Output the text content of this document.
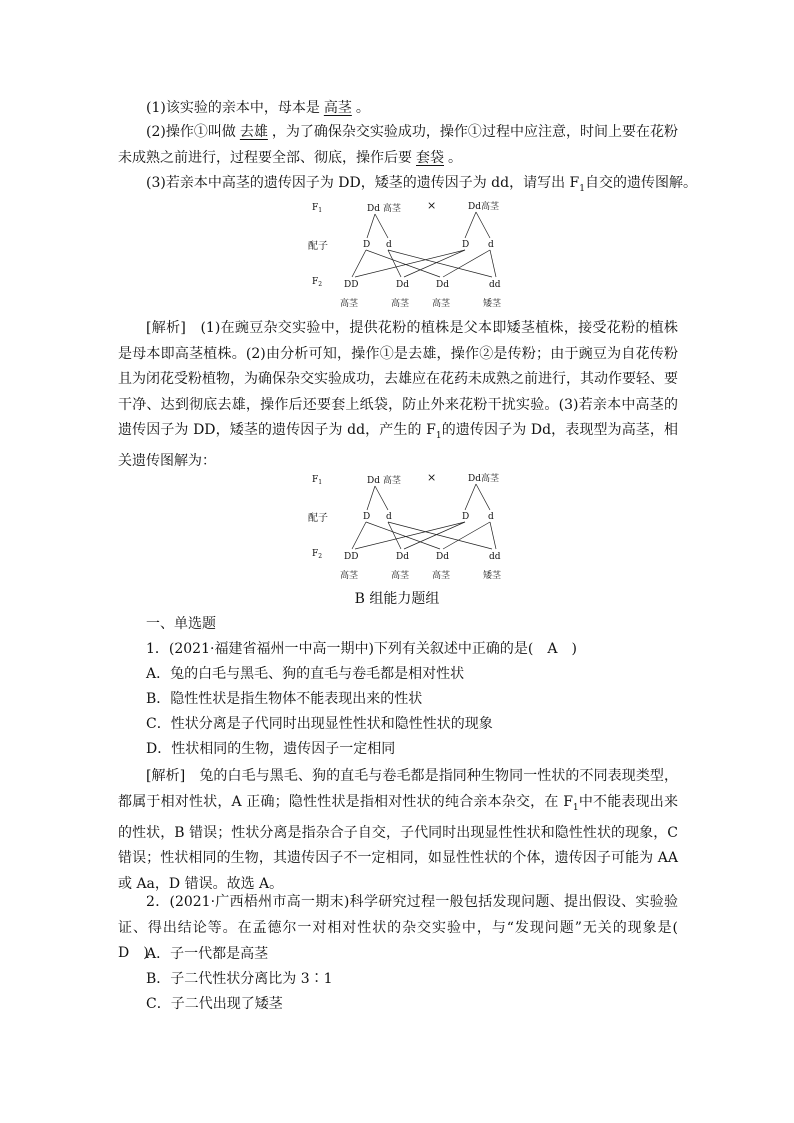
(1)该实验的亲本中，母本是 高茎 。

(2)操作①叫做 去雄 ，为了确保杂交实验成功，操作①过程中应注意，时间上要在花粉未成熟之前进行，过程要全部、彻底，操作后要 套袋 。

(3)若亲本中高茎的遗传因子为 DD，矮茎的遗传因子为 dd，请写出 $F_1$自交的遗传图解。

$F_1$	Dd 高茎 ×	Dd高茎
配子
$F_2$
D d	D d
DD	Dd	Dd	dd
高茎	高茎	高茎	矮茎

[解析]　 (1)在豌豆杂交实验中，提供花粉的植株是父本即矮茎植株，接受花粉的植株是母本即高茎植株。(2)由分析可知，操作①是去雄，操作②是传粉；由于豌豆为自花传粉且为闭花受粉植物，为确保杂交实验成功，去雄应在花药未成熟之前进行，其动作要轻、要干净、达到彻底去雄，操作后还要套上纸袋，防止外来花粉干扰实验。(3)若亲本中高茎的遗传因子为 DD，矮茎的遗传因子为 dd，产生的 $F_1$的遗传因子为 Dd，表现型为高茎，相关遗传图解为：

$F_1$	Dd 高茎 ×	Dd高茎
配子
$F_2$
D d	D d
DD	Dd	Dd	dd
高茎	高茎	高茎	矮茎

B 组能力题组

一、单选题

1．(2021·福建省福州一中高一期中)下列有关叙述中正确的是(　A　)

A．兔的白毛与黑毛、狗的直毛与卷毛都是相对性状

B．隐性性状是指生物体不能表现出来的性状

C．性状分离是子代同时出现显性性状和隐性性状的现象

D．性状相同的生物，遗传因子一定相同

[解析]　 兔的白毛与黑毛、狗的直毛与卷毛都是指同种生物同一性状的不同表现类型，都属于相对性状，A 正确；隐性性状是指相对性状的纯合亲本杂交，在 $F_1$中不能表现出来的性状，B 错误；性状分离是指杂合子自交，子代同时出现显性性状和隐性性状的现象，C 错误；性状相同的生物，其遗传因子不一定相同，如显性性状的个体，遗传因子可能为 AA 或 Aa，D 错误。故选 A。

2．(2021·广西梧州市高一期末)科学研究过程一般包括发现问题、提出假设、实验验证、得出结论等。在孟德尔一对相对性状的杂交实验中，与“发现问题”无关的现象是(　D　)

A．子一代都是高茎

B．子二代性状分离比为 3∶1

C．子二代出现了矮茎
